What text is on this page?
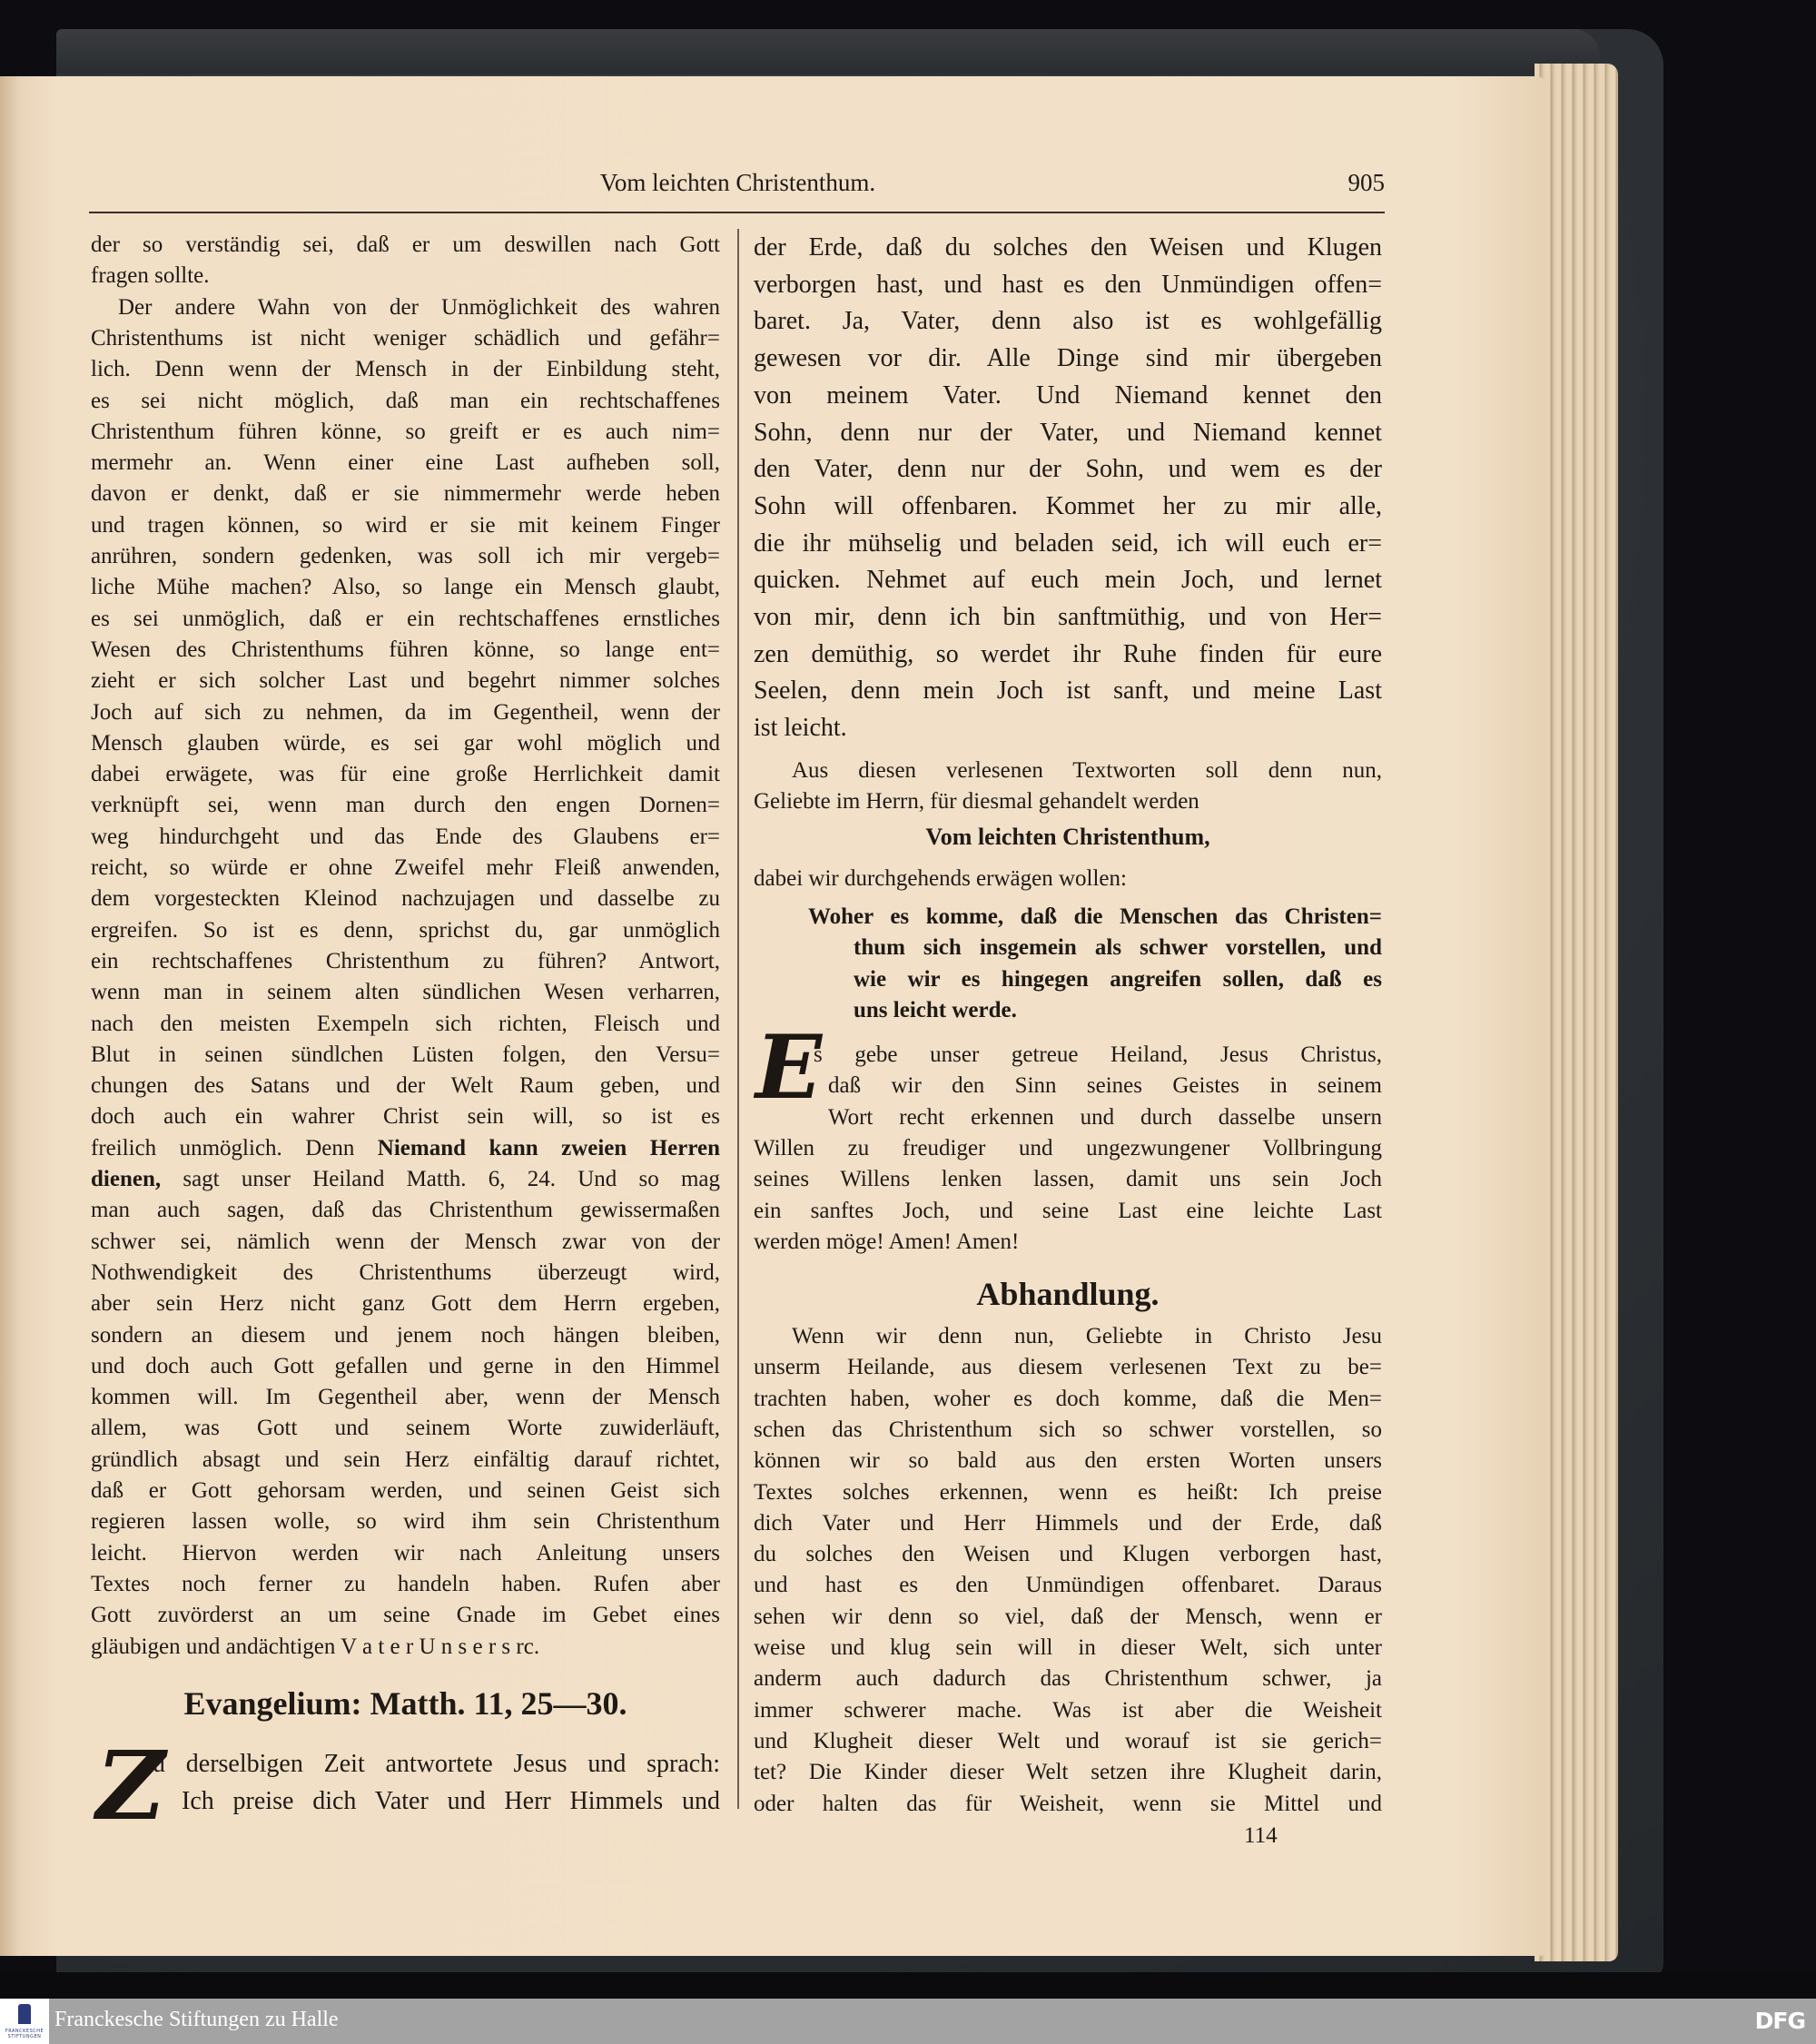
Vom leichten Christenthum.	905
der so verständig sei, daß er um deswillen nach Gott
fragen sollte.
Der andere Wahn von der Unmöglichkeit des wahren
Christenthums ist nicht weniger schädlich und gefähr=
lich. Denn wenn der Mensch in der Einbildung steht,
es sei nicht möglich, daß man ein rechtschaffenes
Christenthum führen könne, so greift er es auch nim=
mermehr an. Wenn einer eine Last aufheben soll,
davon er denkt, daß er sie nimmermehr werde heben
und tragen können, so wird er sie mit keinem Finger
anrühren, sondern gedenken, was soll ich mir vergeb=
liche Mühe machen? Also, so lange ein Mensch glaubt,
es sei unmöglich, daß er ein rechtschaffenes ernstliches
Wesen des Christenthums führen könne, so lange ent=
zieht er sich solcher Last und begehrt nimmer solches
Joch auf sich zu nehmen, da im Gegentheil, wenn der
Mensch glauben würde, es sei gar wohl möglich und
dabei erwägete, was für eine große Herrlichkeit damit
verknüpft sei, wenn man durch den engen Dornen=
weg hindurchgeht und das Ende des Glaubens er=
reicht, so würde er ohne Zweifel mehr Fleiß anwenden,
dem vorgesteckten Kleinod nachzujagen und dasselbe zu
ergreifen. So ist es denn, sprichst du, gar unmöglich
ein rechtschaffenes Christenthum zu führen? Antwort,
wenn man in seinem alten sündlichen Wesen verharren,
nach den meisten Exempeln sich richten, Fleisch und
Blut in seinen sündlchen Lüsten folgen, den Versu=
chungen des Satans und der Welt Raum geben, und
doch auch ein wahrer Christ sein will, so ist es
freilich unmöglich. Denn Niemand kann zweien Herren
dienen, sagt unser Heiland Matth. 6, 24. Und so mag
man auch sagen, daß das Christenthum gewissermaßen
schwer sei, nämlich wenn der Mensch zwar von der
Nothwendigkeit des Christenthums überzeugt wird,
aber sein Herz nicht ganz Gott dem Herrn ergeben,
sondern an diesem und jenem noch hängen bleiben,
und doch auch Gott gefallen und gerne in den Himmel
kommen will. Im Gegentheil aber, wenn der Mensch
allem, was Gott und seinem Worte zuwiderläuft,
gründlich absagt und sein Herz einfältig darauf richtet,
daß er Gott gehorsam werden, und seinen Geist sich
regieren lassen wolle, so wird ihm sein Christenthum
leicht. Hiervon werden wir nach Anleitung unsers
Textes noch ferner zu handeln haben. Rufen aber
Gott zuvörderst an um seine Gnade im Gebet eines
gläubigen und andächtigen V a t e r U n s e r s rc.
Evangelium: Matth. 11, 25—30.
Z
u derselbigen Zeit antwortete Jesus und sprach:
Ich preise dich Vater und Herr Himmels und
der Erde, daß du solches den Weisen und Klugen
verborgen hast, und hast es den Unmündigen offen=
baret. Ja, Vater, denn also ist es wohlgefällig
gewesen vor dir. Alle Dinge sind mir übergeben
von meinem Vater. Und Niemand kennet den
Sohn, denn nur der Vater, und Niemand kennet
den Vater, denn nur der Sohn, und wem es der
Sohn will offenbaren. Kommet her zu mir alle,
die ihr mühselig und beladen seid, ich will euch er=
quicken. Nehmet auf euch mein Joch, und lernet
von mir, denn ich bin sanftmüthig, und von Her=
zen demüthig, so werdet ihr Ruhe finden für eure
Seelen, denn mein Joch ist sanft, und meine Last
ist leicht.
Aus diesen verlesenen Textworten soll denn nun,
Geliebte im Herrn, für diesmal gehandelt werden
Vom leichten Christenthum,
dabei wir durchgehends erwägen wollen:
Woher es komme, daß die Menschen das Christen=
thum sich insgemein als schwer vorstellen, und
wie wir es hingegen angreifen sollen, daß es
uns leicht werde.
E
s gebe unser getreue Heiland, Jesus Christus,
daß wir den Sinn seines Geistes in seinem
Wort recht erkennen und durch dasselbe unsern
Willen zu freudiger und ungezwungener Vollbringung
seines Willens lenken lassen, damit uns sein Joch
ein sanftes Joch, und seine Last eine leichte Last
werden möge! Amen! Amen!
Abhandlung.
Wenn wir denn nun, Geliebte in Christo Jesu
unserm Heilande, aus diesem verlesenen Text zu be=
trachten haben, woher es doch komme, daß die Men=
schen das Christenthum sich so schwer vorstellen, so
können wir so bald aus den ersten Worten unsers
Textes solches erkennen, wenn es heißt: Ich preise
dich Vater und Herr Himmels und der Erde, daß
du solches den Weisen und Klugen verborgen hast,
und hast es den Unmündigen offenbaret. Daraus
sehen wir denn so viel, daß der Mensch, wenn er
weise und klug sein will in dieser Welt, sich unter
anderm auch dadurch das Christenthum schwer, ja
immer schwerer mache. Was ist aber die Weisheit
und Klugheit dieser Welt und worauf ist sie gerich=
tet? Die Kinder dieser Welt setzen ihre Klugheit darin,
oder halten das für Weisheit, wenn sie Mittel und
114
FRANCKESCHE STIFTUNGEN
Franckesche Stiftungen zu Halle	DFG
